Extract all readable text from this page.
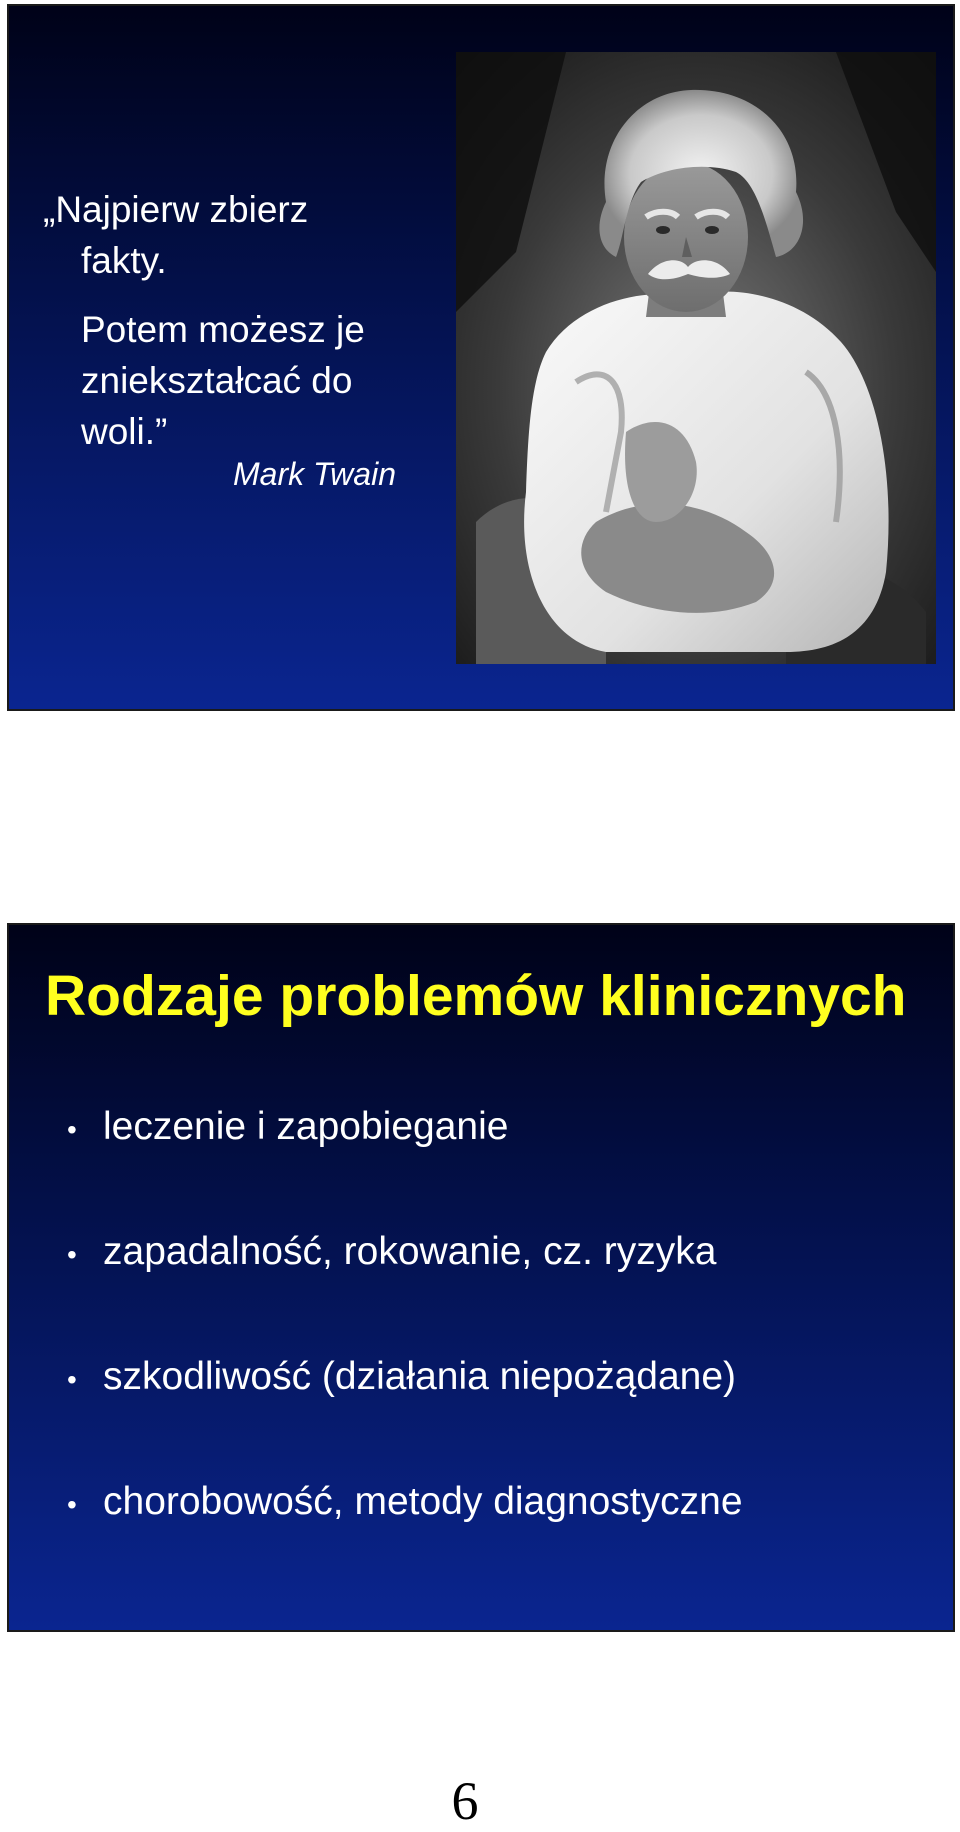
„Najpierw zbierz
fakty.
Potem możesz je
zniekształcać do
woli.”

Mark Twain

Rodzaje problemów klinicznych
• leczenie i zapobieganie
• zapadalność, rokowanie, cz. ryzyka
• szkodliwość (działania niepożądane)
• chorobowość, metody diagnostyczne

6
